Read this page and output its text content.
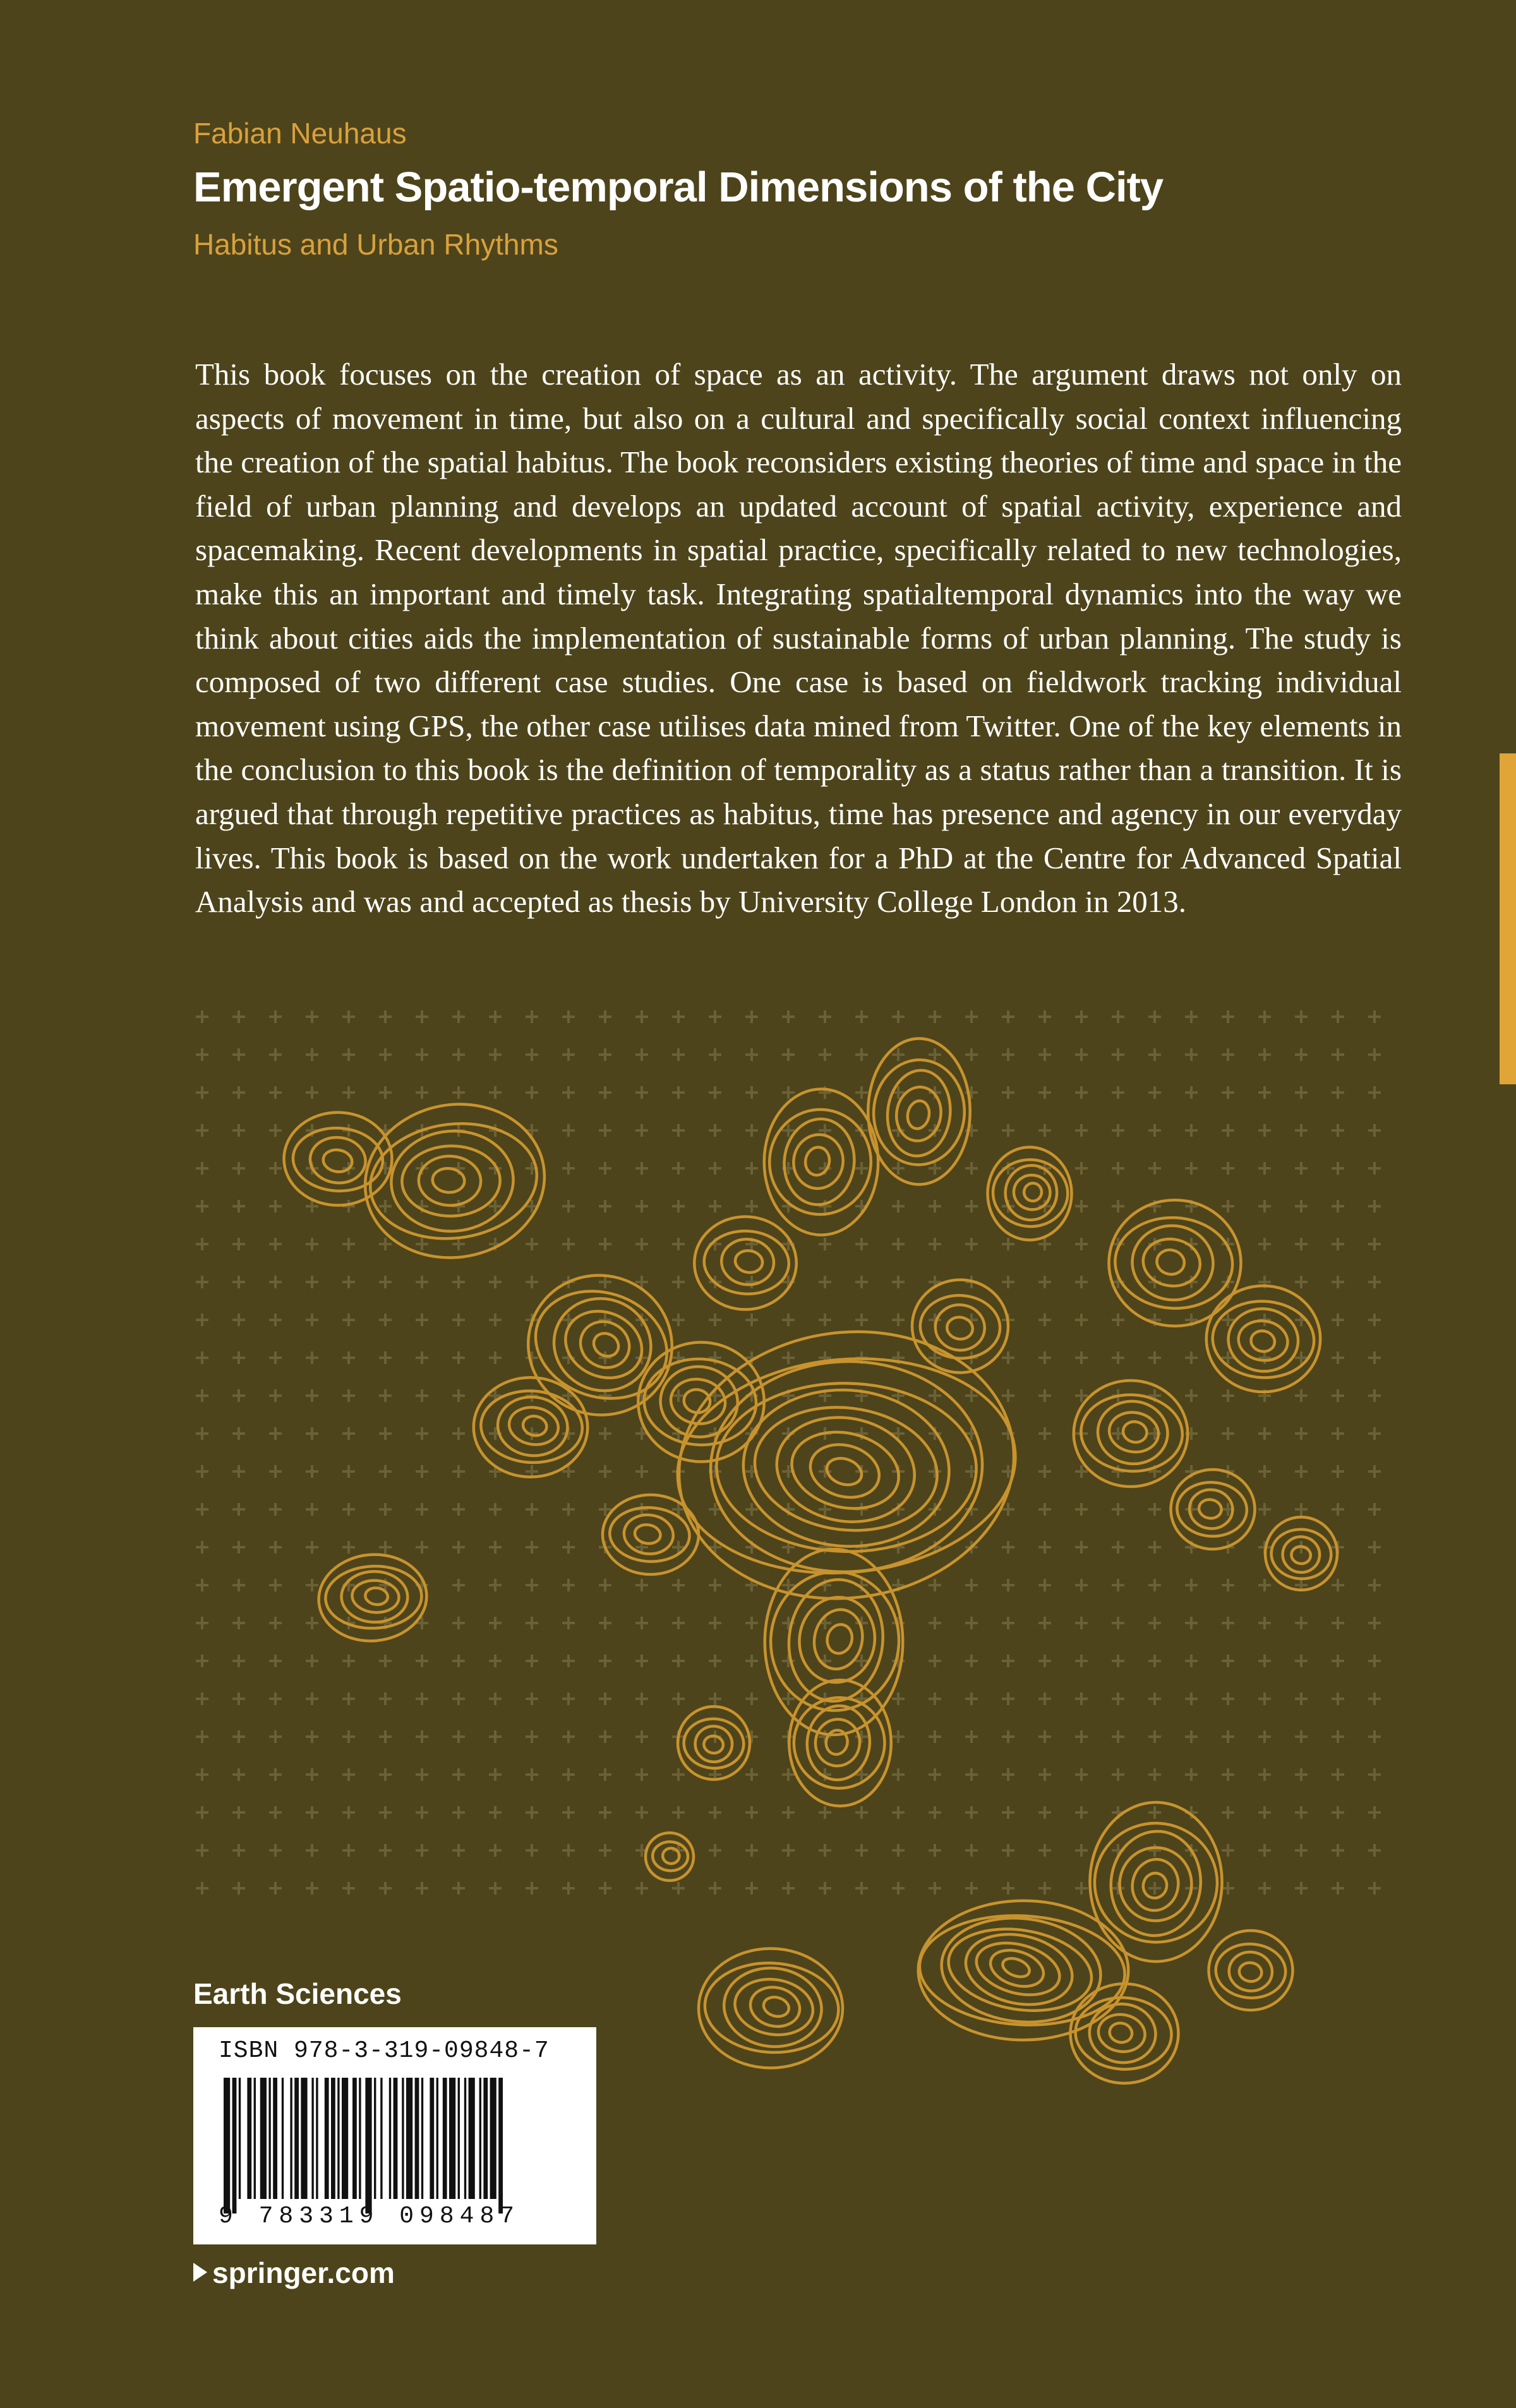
Fabian Neuhaus
Emergent Spatio-temporal Dimensions of the City
Habitus and Urban Rhythms

This book focuses on the creation of space as an activity. The argument draws not only on aspects of movement in time, but also on a cultural and specifically social context influencing the creation of the spatial habitus. The book reconsiders existing theories of time and space in the field of urban planning and develops an updated account of spatial activity, experience and spacemaking. Recent developments in spatial practice, specifically related to new technologies, make this an important and timely task. Integrating spatialtemporal dynamics into the way we think about cities aids the implementation of sustainable forms of urban planning. The study is composed of two different case studies. One case is based on fieldwork tracking individual movement using GPS, the other case utilises data mined from Twitter. One of the key elements in the conclusion to this book is the definition of temporality as a status rather than a transition. It is argued that through repetitive practices as habitus, time has presence and agency in our everyday lives. This book is based on the work undertaken for a PhD at the Centre for Advanced Spatial Analysis and was and accepted as thesis by University College London in 2013.

Earth Sciences
ISBN 978-3-319-09848-7
9 783319 098487
springer.com
